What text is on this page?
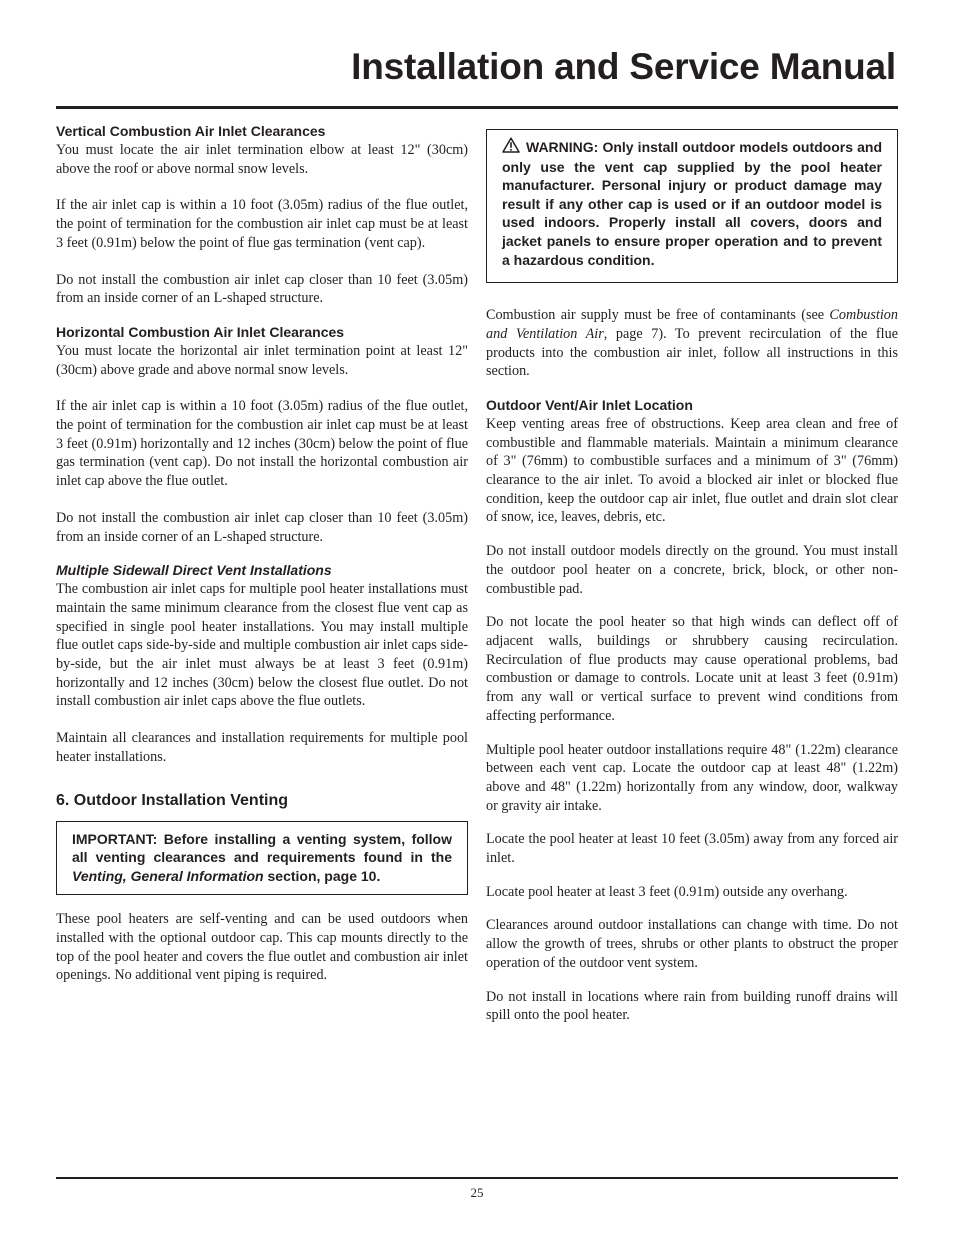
Installation and Service Manual
Vertical Combustion Air Inlet Clearances

You must locate the air inlet termination elbow at least 12" (30cm) above the roof or above normal snow levels.

If the air inlet cap is within a 10 foot (3.05m) radius of the flue outlet, the point of termination for the combustion air inlet cap must be at least 3 feet (0.91m) below the point of flue gas termination (vent cap).

Do not install the combustion air inlet cap closer than 10 feet (3.05m) from an inside corner of an L-shaped structure.

Horizontal Combustion Air Inlet Clearances

You must locate the horizontal air inlet termination point at least 12" (30cm) above grade and above normal snow levels.

If the air inlet cap is within a 10 foot (3.05m) radius of the flue outlet, the point of termination for the combustion air inlet cap must be at least 3 feet (0.91m) horizontally and 12 inches (30cm) below the point of flue gas termination (vent cap). Do not install the horizontal combustion air inlet cap above the flue outlet.

Do not install the combustion air inlet cap closer than 10 feet (3.05m) from an inside corner of an L-shaped structure.

Multiple Sidewall Direct Vent Installations

The combustion air inlet caps for multiple pool heater installations must maintain the same minimum clearance from the closest flue vent cap as specified in single pool heater installations. You may install multiple flue outlet caps side-by-side and multiple combustion air inlet caps side-by-side, but the air inlet must always be at least 3 feet (0.91m) horizontally and 12 inches (30cm) below the closest flue outlet. Do not install combustion air inlet caps above the flue outlets.

Maintain all clearances and installation requirements for multiple pool heater installations.

6. Outdoor Installation Venting
IMPORTANT: Before installing a venting system, follow all venting clearances and requirements found in the Venting, General Information section, page 10.

These pool heaters are self-venting and can be used outdoors when installed with the optional outdoor cap. This cap mounts directly to the top of the pool heater and covers the flue outlet and combustion air inlet openings. No additional vent piping is required.

WARNING: Only install outdoor models outdoors and only use the vent cap supplied by the pool heater manufacturer. Personal injury or product damage may result if any other cap is used or if an outdoor model is used indoors. Properly install all covers, doors and jacket panels to ensure proper operation and to prevent a hazardous condition.

Combustion air supply must be free of contaminants (see Combustion and Ventilation Air, page 7). To prevent recirculation of the flue products into the combustion air inlet, follow all instructions in this section.

Outdoor Vent/Air Inlet Location

Keep venting areas free of obstructions. Keep area clean and free of combustible and flammable materials. Maintain a minimum clearance of 3" (76mm) to combustible surfaces and a minimum of 3" (76mm) clearance to the air inlet. To avoid a blocked air inlet or blocked flue condition, keep the outdoor cap air inlet, flue outlet and drain slot clear of snow, ice, leaves, debris, etc.

Do not install outdoor models directly on the ground. You must install the outdoor pool heater on a concrete, brick, block, or other non-combustible pad.

Do not locate the pool heater so that high winds can deflect off of adjacent walls, buildings or shrubbery causing recirculation. Recirculation of flue products may cause operational problems, bad combustion or damage to controls. Locate unit at least 3 feet (0.91m) from any wall or vertical surface to prevent wind conditions from affecting performance.

Multiple pool heater outdoor installations require 48" (1.22m) clearance between each vent cap. Locate the outdoor cap at least 48" (1.22m) above and 48" (1.22m) horizontally from any window, door, walkway or gravity air intake.

Locate the pool heater at least 10 feet (3.05m) away from any forced air inlet.

Locate pool heater at least 3 feet (0.91m) outside any overhang.

Clearances around outdoor installations can change with time. Do not allow the growth of trees, shrubs or other plants to obstruct the proper operation of the outdoor vent system.

Do not install in locations where rain from building runoff drains will spill onto the pool heater.

25
